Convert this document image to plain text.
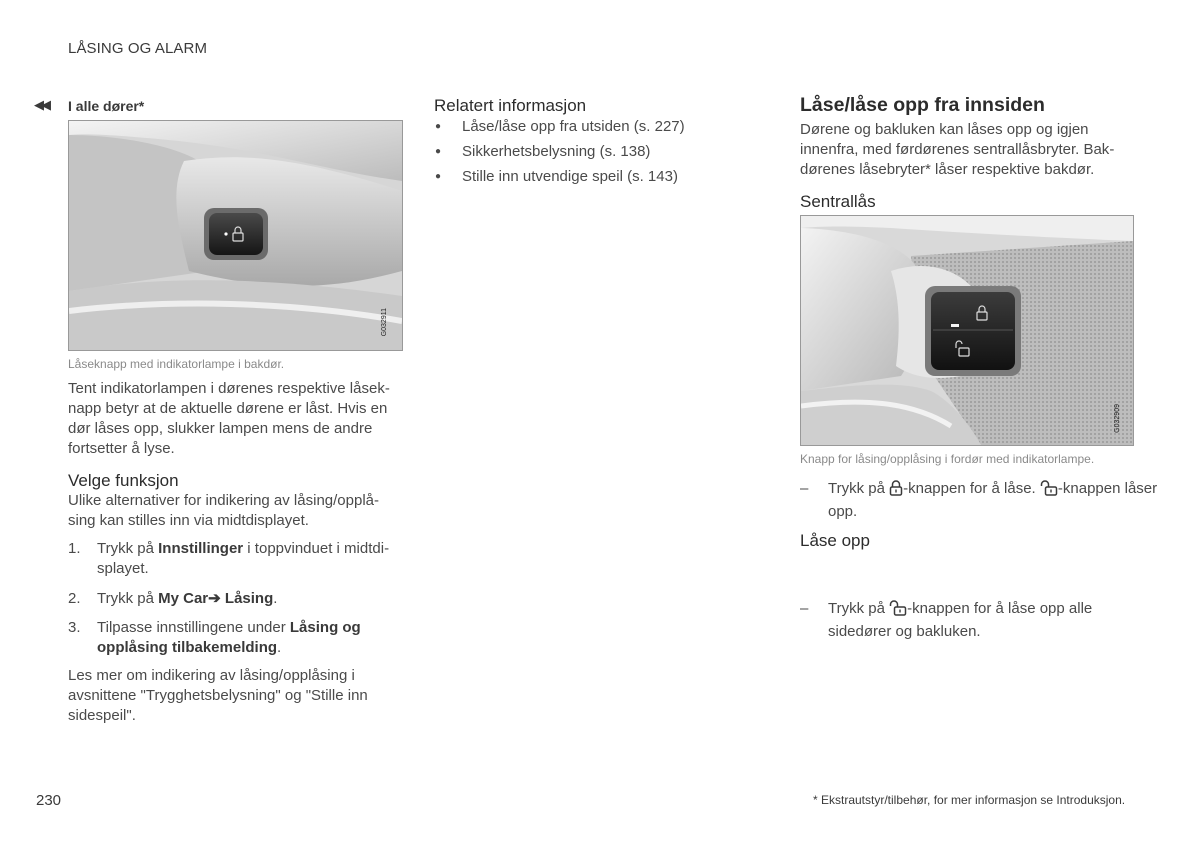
LÅSING OG ALARM
◀◀ I alle dører*
G032911
Låseknapp med indikatorlampe i bakdør.
Tent indikatorlampen i dørenes respektive låseknapp betyr at de aktuelle dørene er låst. Hvis en dør låses opp, slukker lampen mens de andre fortsetter å lyse.
Velge funksjon
Ulike alternativer for indikering av låsing/opplåsing kan stilles inn via midtdisplayet.
1. Trykk på Innstillinger i toppvinduet i midtdisplayet.
2. Trykk på My Car➔ Låsing.
3. Tilpasse innstillingene under Låsing og opplåsing tilbakemelding.
Les mer om indikering av låsing/opplåsing i avsnittene "Trygghetsbelysning" og "Stille inn sidespeil".
Relatert informasjon
● Låse/låse opp fra utsiden (s. 227)
● Sikkerhetsbelysning (s. 138)
● Stille inn utvendige speil (s. 143)
Låse/låse opp fra innsiden
Dørene og bakluken kan låses opp og igjen innenfra, med førdørenes sentrallåsbryter. Bakdørenes låsebryter* låser respektive bakdør.
Sentrallås
G032909
Knapp for låsing/opplåsing i fordør med indikatorlampe.
– Trykk på -knappen for å låse. -knappen låser opp.
Låse opp
– Trykk på -knappen for å låse opp alle sidedører og bakluken.
230	* Ekstrautstyr/tilbehør, for mer informasjon se Introduksjon.
